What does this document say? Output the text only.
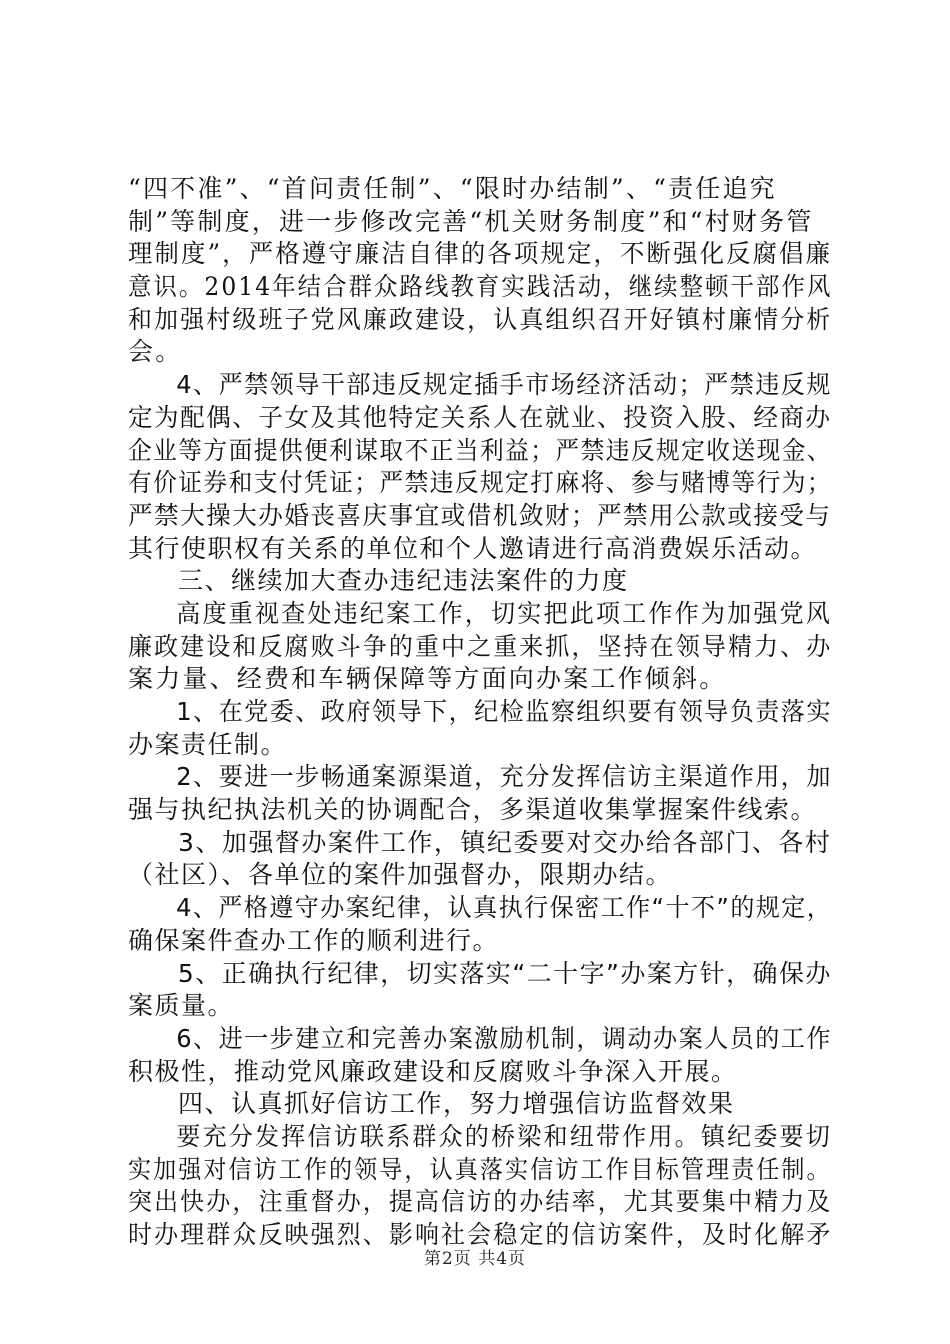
“四不准”、“首问责任制”、“限时办结制”、“责任追究
制”等制度，进一步修改完善“机关财务制度”和“村财务管
理制度”，严格遵守廉洁自律的各项规定，不断强化反腐倡廉
意识。2014年结合群众路线教育实践活动，继续整顿干部作风
和加强村级班子党风廉政建设，认真组织召开好镇村廉情分析
会。
4、严禁领导干部违反规定插手市场经济活动；严禁违反规
定为配偶、子女及其他特定关系人在就业、投资入股、经商办
企业等方面提供便利谋取不正当利益；严禁违反规定收送现金、
有价证券和支付凭证；严禁违反规定打麻将、参与赌博等行为；
严禁大操大办婚丧喜庆事宜或借机敛财；严禁用公款或接受与
其行使职权有关系的单位和个人邀请进行高消费娱乐活动。
三、继续加大查办违纪违法案件的力度
高度重视查处违纪案工作，切实把此项工作作为加强党风
廉政建设和反腐败斗争的重中之重来抓，坚持在领导精力、办
案力量、经费和车辆保障等方面向办案工作倾斜。
1、在党委、政府领导下，纪检监察组织要有领导负责落实
办案责任制。
2、要进一步畅通案源渠道，充分发挥信访主渠道作用，加
强与执纪执法机关的协调配合，多渠道收集掌握案件线索。
3、加强督办案件工作，镇纪委要对交办给各部门、各村
（社区）、各单位的案件加强督办，限期办结。
4、严格遵守办案纪律，认真执行保密工作“十不”的规定，
确保案件查办工作的顺利进行。
5、正确执行纪律，切实落实“二十字”办案方针，确保办
案质量。
6、进一步建立和完善办案激励机制，调动办案人员的工作
积极性，推动党风廉政建设和反腐败斗争深入开展。
四、认真抓好信访工作，努力增强信访监督效果
要充分发挥信访联系群众的桥梁和纽带作用。镇纪委要切
实加强对信访工作的领导，认真落实信访工作目标管理责任制。
突出快办，注重督办，提高信访的办结率，尤其要集中精力及
时办理群众反映强烈、影响社会稳定的信访案件，及时化解矛
第2页 共4页
